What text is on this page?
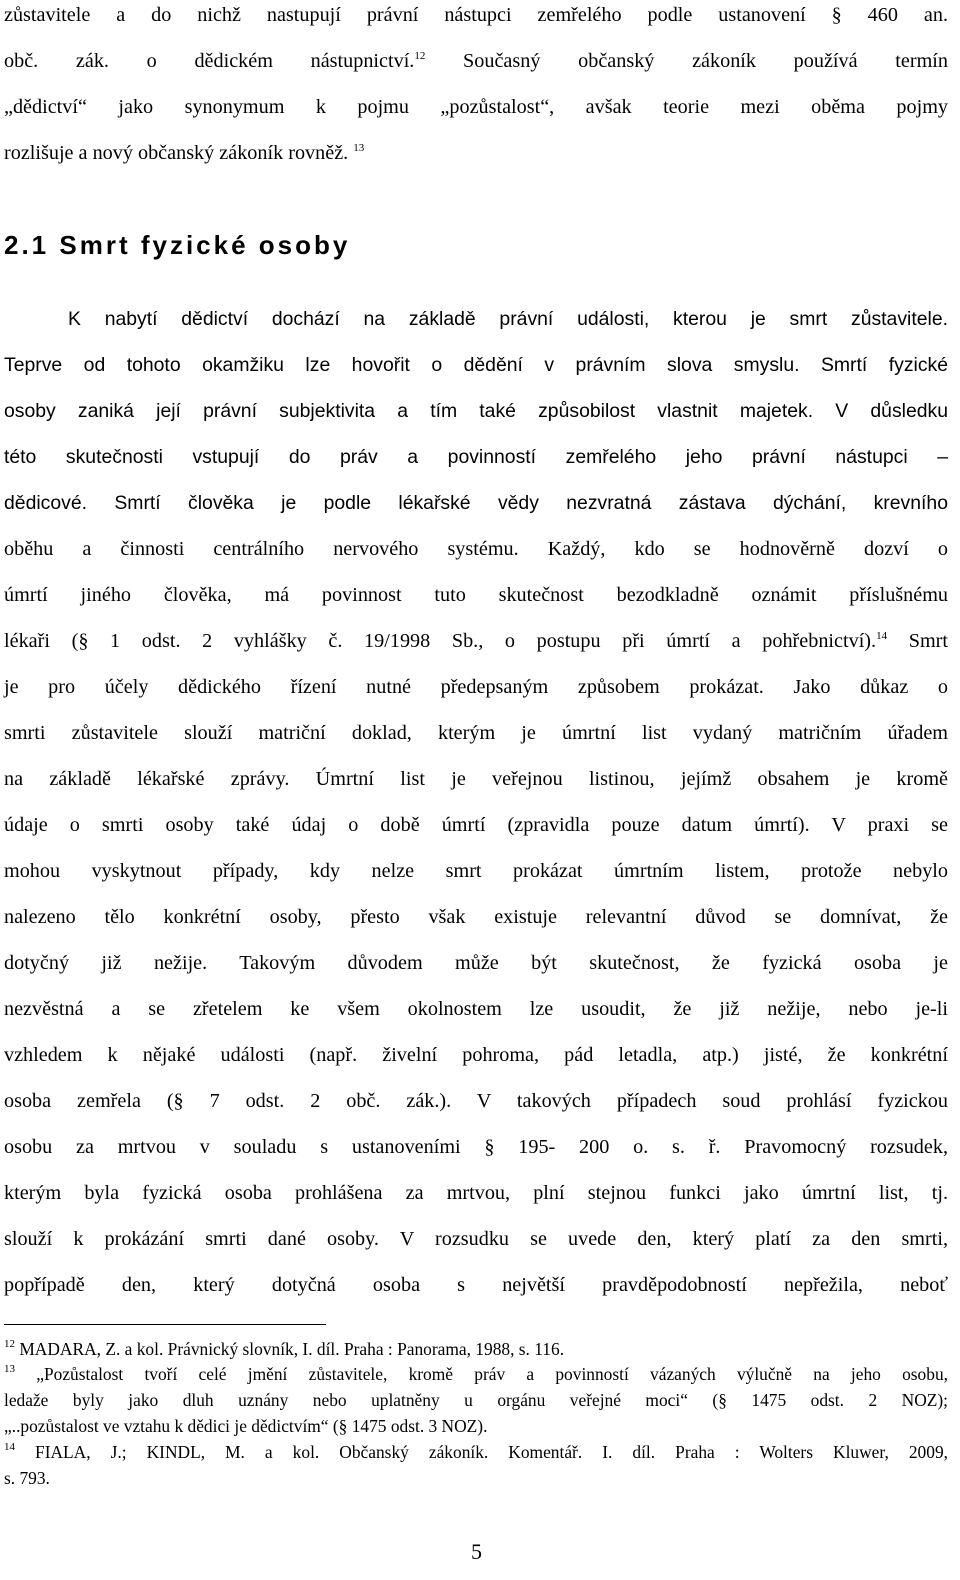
zůstavitele a do nichž nastupují právní nástupci zemřelého podle ustanovení § 460 an.
obč. zák. o dědickém nástupnictví.$^{12}$ Současný občanský zákoník používá termín
„dědictví“ jako synonymum k pojmu „pozůstalost“, avšak teorie mezi oběma pojmy
rozlišuje a nový občanský zákoník rovněž. $^{13}$
2.1 Smrt fyzické osoby
K nabytí dědictví dochází na základě právní události, kterou je smrt zůstavitele.
Teprve od tohoto okamžiku lze hovořit o dědění v právním slova smyslu. Smrtí fyzické
osoby zaniká její právní subjektivita a tím také způsobilost vlastnit majetek. V důsledku
této skutečnosti vstupují do práv a povinností zemřelého jeho právní nástupci –
dědicové. Smrtí člověka je podle lékařské vědy nezvratná zástava dýchání, krevního
oběhu a činnosti centrálního nervového systému. Každý, kdo se hodnověrně dozví o
úmrtí jiného člověka, má povinnost tuto skutečnost bezodkladně oznámit příslušnému
lékaři (§ 1 odst. 2 vyhlášky č. 19/1998 Sb., o postupu při úmrtí a pohřebnictví).$^{14}$ Smrt
je pro účely dědického řízení nutné předepsaným způsobem prokázat. Jako důkaz o
smrti zůstavitele slouží matriční doklad, kterým je úmrtní list vydaný matričním úřadem
na základě lékařské zprávy. Úmrtní list je veřejnou listinou, jejímž obsahem je kromě
údaje o smrti osoby také údaj o době úmrtí (zpravidla pouze datum úmrtí). V praxi se
mohou vyskytnout případy, kdy nelze smrt prokázat úmrtním listem, protože nebylo
nalezeno tělo konkrétní osoby, přesto však existuje relevantní důvod se domnívat, že
dotyčný již nežije. Takovým důvodem může být skutečnost, že fyzická osoba je
nezvěstná a se zřetelem ke všem okolnostem lze usoudit, že již nežije, nebo je-li
vzhledem k nějaké události (např. živelní pohroma, pád letadla, atp.) jisté, že konkrétní
osoba zemřela (§ 7 odst. 2 obč. zák.). V takových případech soud prohlásí fyzickou
osobu za mrtvou v souladu s ustanoveními § 195- 200 o. s. ř. Pravomocný rozsudek,
kterým byla fyzická osoba prohlášena za mrtvou, plní stejnou funkci jako úmrtní list, tj.
slouží k prokázání smrti dané osoby. V rozsudku se uvede den, který platí za den smrti,
popřípadě den, který dotyčná osoba s největší pravděpodobností nepřežila, neboť
$^{12}$ MADARA, Z. a kol. Právnický slovník, I. díl. Praha : Panorama, 1988, s. 116.
$^{13}$ „Pozůstalost tvoří celé jmění zůstavitele, kromě práv a povinností vázaných výlučně na jeho osobu,
ledaže byly jako dluh uznány nebo uplatněny u orgánu veřejné moci“ (§ 1475 odst. 2 NOZ);
„..pozůstalost ve vztahu k dědici je dědictvím“ (§ 1475 odst. 3 NOZ).
$^{14}$ FIALA, J.; KINDL, M. a kol. Občanský zákoník. Komentář. I. díl. Praha : Wolters Kluwer, 2009,
s. 793.
5
